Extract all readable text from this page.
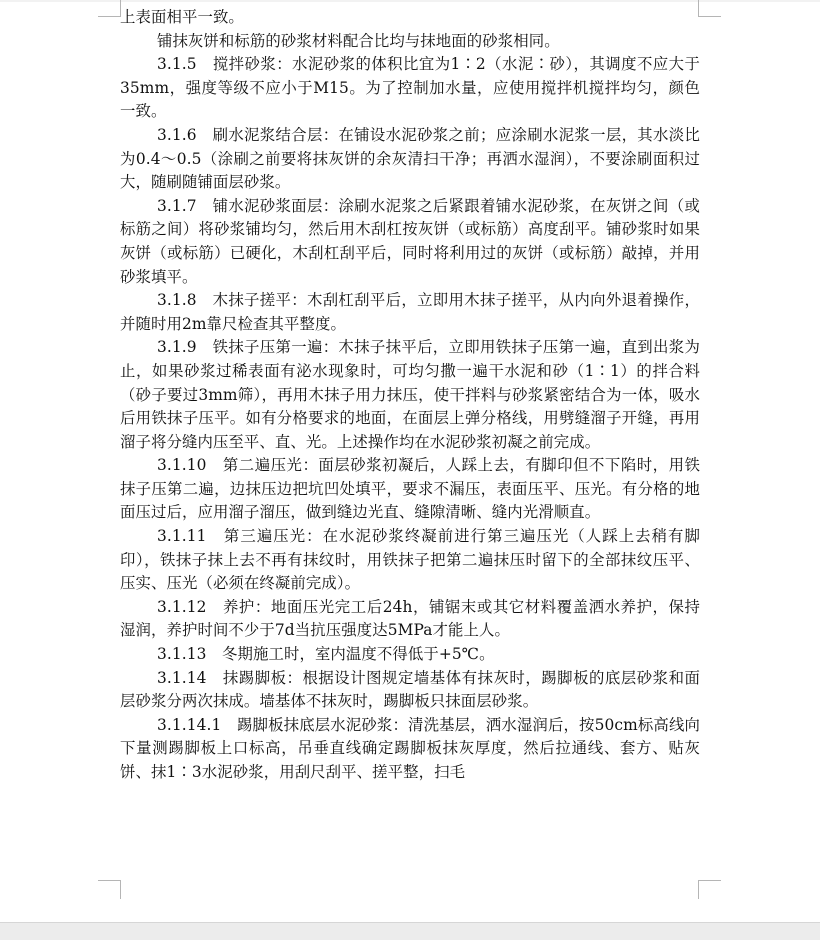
上表面相平一致。

铺抹灰饼和标筋的砂浆材料配合比均与抹地面的砂浆相同。

3.1.5　搅拌砂浆：水泥砂浆的体积比宜为1∶2（水泥∶砂），其调度不应大于35mm，强度等级不应小于M15。为了控制加水量，应使用搅拌机搅拌均匀，颜色一致。

3.1.6　刷水泥浆结合层：在铺设水泥砂浆之前；应涂刷水泥浆一层，其水淡比为0.4～0.5（涂刷之前要将抹灰饼的余灰清扫干净；再洒水湿润），不要涂刷面积过大，随刷随铺面层砂浆。

3.1.7　铺水泥砂浆面层：涂刷水泥浆之后紧跟着铺水泥砂浆，在灰饼之间（或标筋之间）将砂浆铺均匀，然后用木刮杠按灰饼（或标筋）高度刮平。铺砂浆时如果灰饼（或标筋）已硬化，木刮杠刮平后，同时将利用过的灰饼（或标筋）敲掉，并用砂浆填平。

3.1.8　木抹子搓平：木刮杠刮平后，立即用木抹子搓平，从内向外退着操作，并随时用2m靠尺检查其平整度。

3.1.9　铁抹子压第一遍：木抹子抹平后，立即用铁抹子压第一遍，直到出浆为止，如果砂浆过稀表面有泌水现象时，可均匀撒一遍干水泥和砂（1∶1）的拌合料（砂子要过3mm筛），再用木抹子用力抹压，使干拌料与砂浆紧密结合为一体，吸水后用铁抹子压平。如有分格要求的地面，在面层上弹分格线，用劈缝溜子开缝，再用溜子将分缝内压至平、直、光。上述操作均在水泥砂浆初凝之前完成。

3.1.10　第二遍压光：面层砂浆初凝后，人踩上去，有脚印但不下陷时，用铁抹子压第二遍，边抹压边把坑凹处填平，要求不漏压，表面压平、压光。有分格的地面压过后，应用溜子溜压，做到缝边光直、缝隙清晰、缝内光滑顺直。

3.1.11　第三遍压光：在水泥砂浆终凝前进行第三遍压光（人踩上去稍有脚印），铁抹子抹上去不再有抹纹时，用铁抹子把第二遍抹压时留下的全部抹纹压平、压实、压光（必须在终凝前完成）。

3.1.12　养护：地面压光完工后24h，铺锯末或其它材料覆盖洒水养护，保持湿润，养护时间不少于7d当抗压强度达5MPa才能上人。

3.1.13　冬期施工时，室内温度不得低于+5℃。

3.1.14　抹踢脚板：根据设计图规定墙基体有抹灰时，踢脚板的底层砂浆和面层砂浆分两次抹成。墙基体不抹灰时，踢脚板只抹面层砂浆。

3.1.14.1　踢脚板抹底层水泥砂浆：清洗基层，洒水湿润后，按50cm标高线向下量测踢脚板上口标高，吊垂直线确定踢脚板抹灰厚度，然后拉通线、套方、贴灰饼、抹1∶3水泥砂浆，用刮尺刮平、搓平整，扫毛
